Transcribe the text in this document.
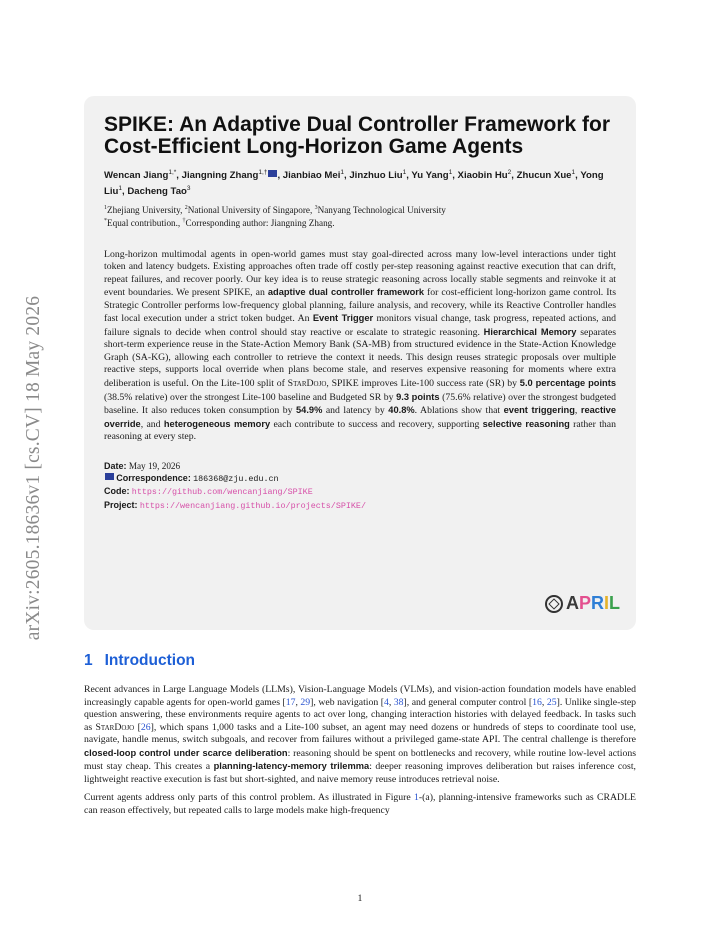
arXiv:2605.18636v1 [cs.CV] 18 May 2026
SPIKE: An Adaptive Dual Controller Framework for Cost-Efficient Long-Horizon Game Agents
Wencan Jiang$^{1,*}$, Jiangning Zhang$^{1,\dagger}$ , Jianbiao Mei$^1$, Jinzhuo Liu$^1$, Yu Yang$^1$, Xiaobin Hu$^2$, Zhucun Xue$^1$, Yong Liu$^1$, Dacheng Tao$^3$

$^1$Zhejiang University, $^2$National University of Singapore, $^3$Nanyang Technological University

*Equal contribution., †Corresponding author: Jiangning Zhang.

Long-horizon multimodal agents in open-world games must stay goal-directed across many low-level interactions under tight token and latency budgets. Existing approaches often trade off costly per-step reasoning against reactive execution that can drift, repeat failures, and recover poorly. Our key idea is to reuse strategic reasoning across locally stable segments and reinvoke it at event boundaries. We present SPIKE, an adaptive dual controller framework for cost-efficient long-horizon game control. Its Strategic Controller performs low-frequency global planning, failure analysis, and recovery, while its Reactive Controller handles fast local execution under a strict token budget. An Event Trigger monitors visual change, task progress, repeated actions, and failure signals to decide when control should stay reactive or escalate to strategic reasoning. Hierarchical Memory separates short-term experience reuse in the State-Action Memory Bank (SA-MB) from structured evidence in the State-Action Knowledge Graph (SA-KG), allowing each controller to retrieve the context it needs. This design reuses strategic proposals over multiple reactive steps, supports local override when plans become stale, and reserves expensive reasoning for moments where extra deliberation is useful. On the Lite-100 split of StarDojo, SPIKE improves Lite-100 success rate (SR) by 5.0 percentage points (38.5% relative) over the strongest Lite-100 baseline and Budgeted SR by 9.3 points (75.6% relative) over the strongest budgeted baseline. It also reduces token consumption by 54.9% and latency by 40.8%. Ablations show that event triggering, reactive override, and heterogeneous memory each contribute to success and recovery, supporting selective reasoning rather than reasoning at every step.

Date: May 19, 2026
Correspondence: 186368@zju.edu.cn
Code: https://github.com/wencanjiang/SPIKE
Project: https://wencanjiang.github.io/projects/SPIKE/
APRIL
1 Introduction

Recent advances in Large Language Models (LLMs), Vision-Language Models (VLMs), and vision-action foundation models have enabled increasingly capable agents for open-world games [17, 29], web navigation [4, 38], and general computer control [16, 25]. Unlike single-step question answering, these environments require agents to act over long, changing interaction histories with delayed feedback. In tasks such as StarDojo [26], which spans 1,000 tasks and a Lite-100 subset, an agent may need dozens or hundreds of steps to coordinate tool use, navigate, handle menus, switch subgoals, and recover from failures without a privileged game-state API. The central challenge is therefore closed-loop control under scarce deliberation: reasoning should be spent on bottlenecks and recovery, while routine low-level actions must stay cheap. This creates a planning-latency-memory trilemma: deeper reasoning improves deliberation but raises inference cost, lightweight reactive execution is fast but short-sighted, and naive memory reuse introduces retrieval noise.

Current agents address only parts of this control problem. As illustrated in Figure 1-(a), planning-intensive frameworks such as CRADLE can reason effectively, but repeated calls to large models make high-frequency

1
